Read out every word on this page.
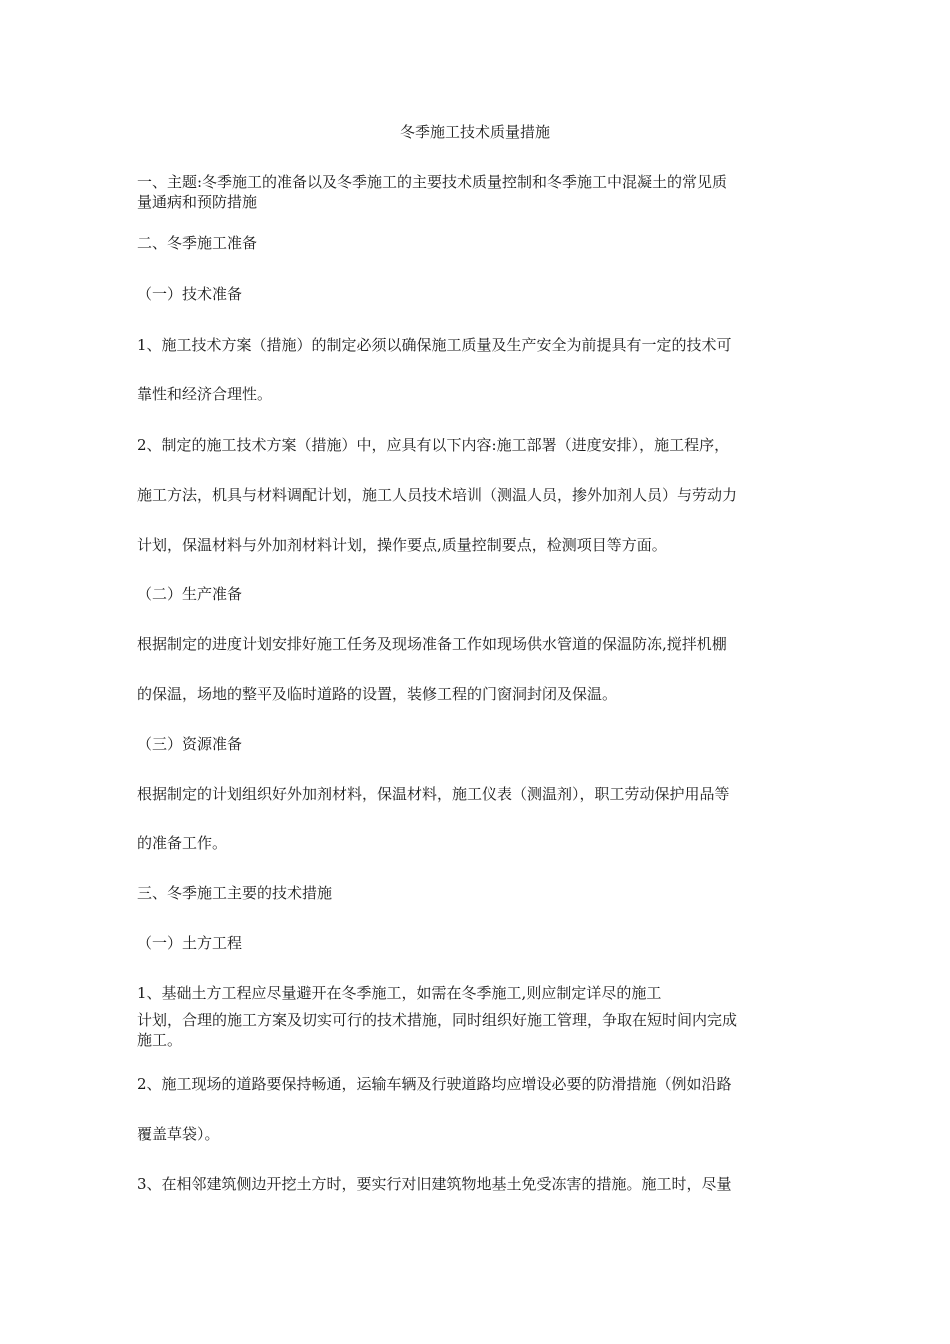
冬季施工技术质量措施
一、主题:冬季施工的准备以及冬季施工的主要技术质量控制和冬季施工中混凝土的常见质
量通病和预防措施
二、冬季施工准备
（一）技术准备
1、施工技术方案（措施）的制定必须以确保施工质量及生产安全为前提具有一定的技术可
靠性和经济合理性。
2、制定的施工技术方案（措施）中，应具有以下内容:施工部署（进度安排），施工程序，
施工方法，机具与材料调配计划，施工人员技术培训（测温人员，掺外加剂人员）与劳动力
计划，保温材料与外加剂材料计划，操作要点,质量控制要点，检测项目等方面。
（二）生产准备
根据制定的进度计划安排好施工任务及现场准备工作如现场供水管道的保温防冻,搅拌机棚
的保温，场地的整平及临时道路的设置，装修工程的门窗洞封闭及保温。
（三）资源准备
根据制定的计划组织好外加剂材料，保温材料，施工仪表（测温剂），职工劳动保护用品等
的准备工作。
三、冬季施工主要的技术措施
（一）土方工程
1、基础土方工程应尽量避开在冬季施工，如需在冬季施工,则应制定详尽的施工
计划，合理的施工方案及切实可行的技术措施，同时组织好施工管理，争取在短时间内完成
施工。
2、施工现场的道路要保持畅通，运输车辆及行驶道路均应增设必要的防滑措施（例如沿路
覆盖草袋）。
3、在相邻建筑侧边开挖土方时，要实行对旧建筑物地基土免受冻害的措施。施工时，尽量
